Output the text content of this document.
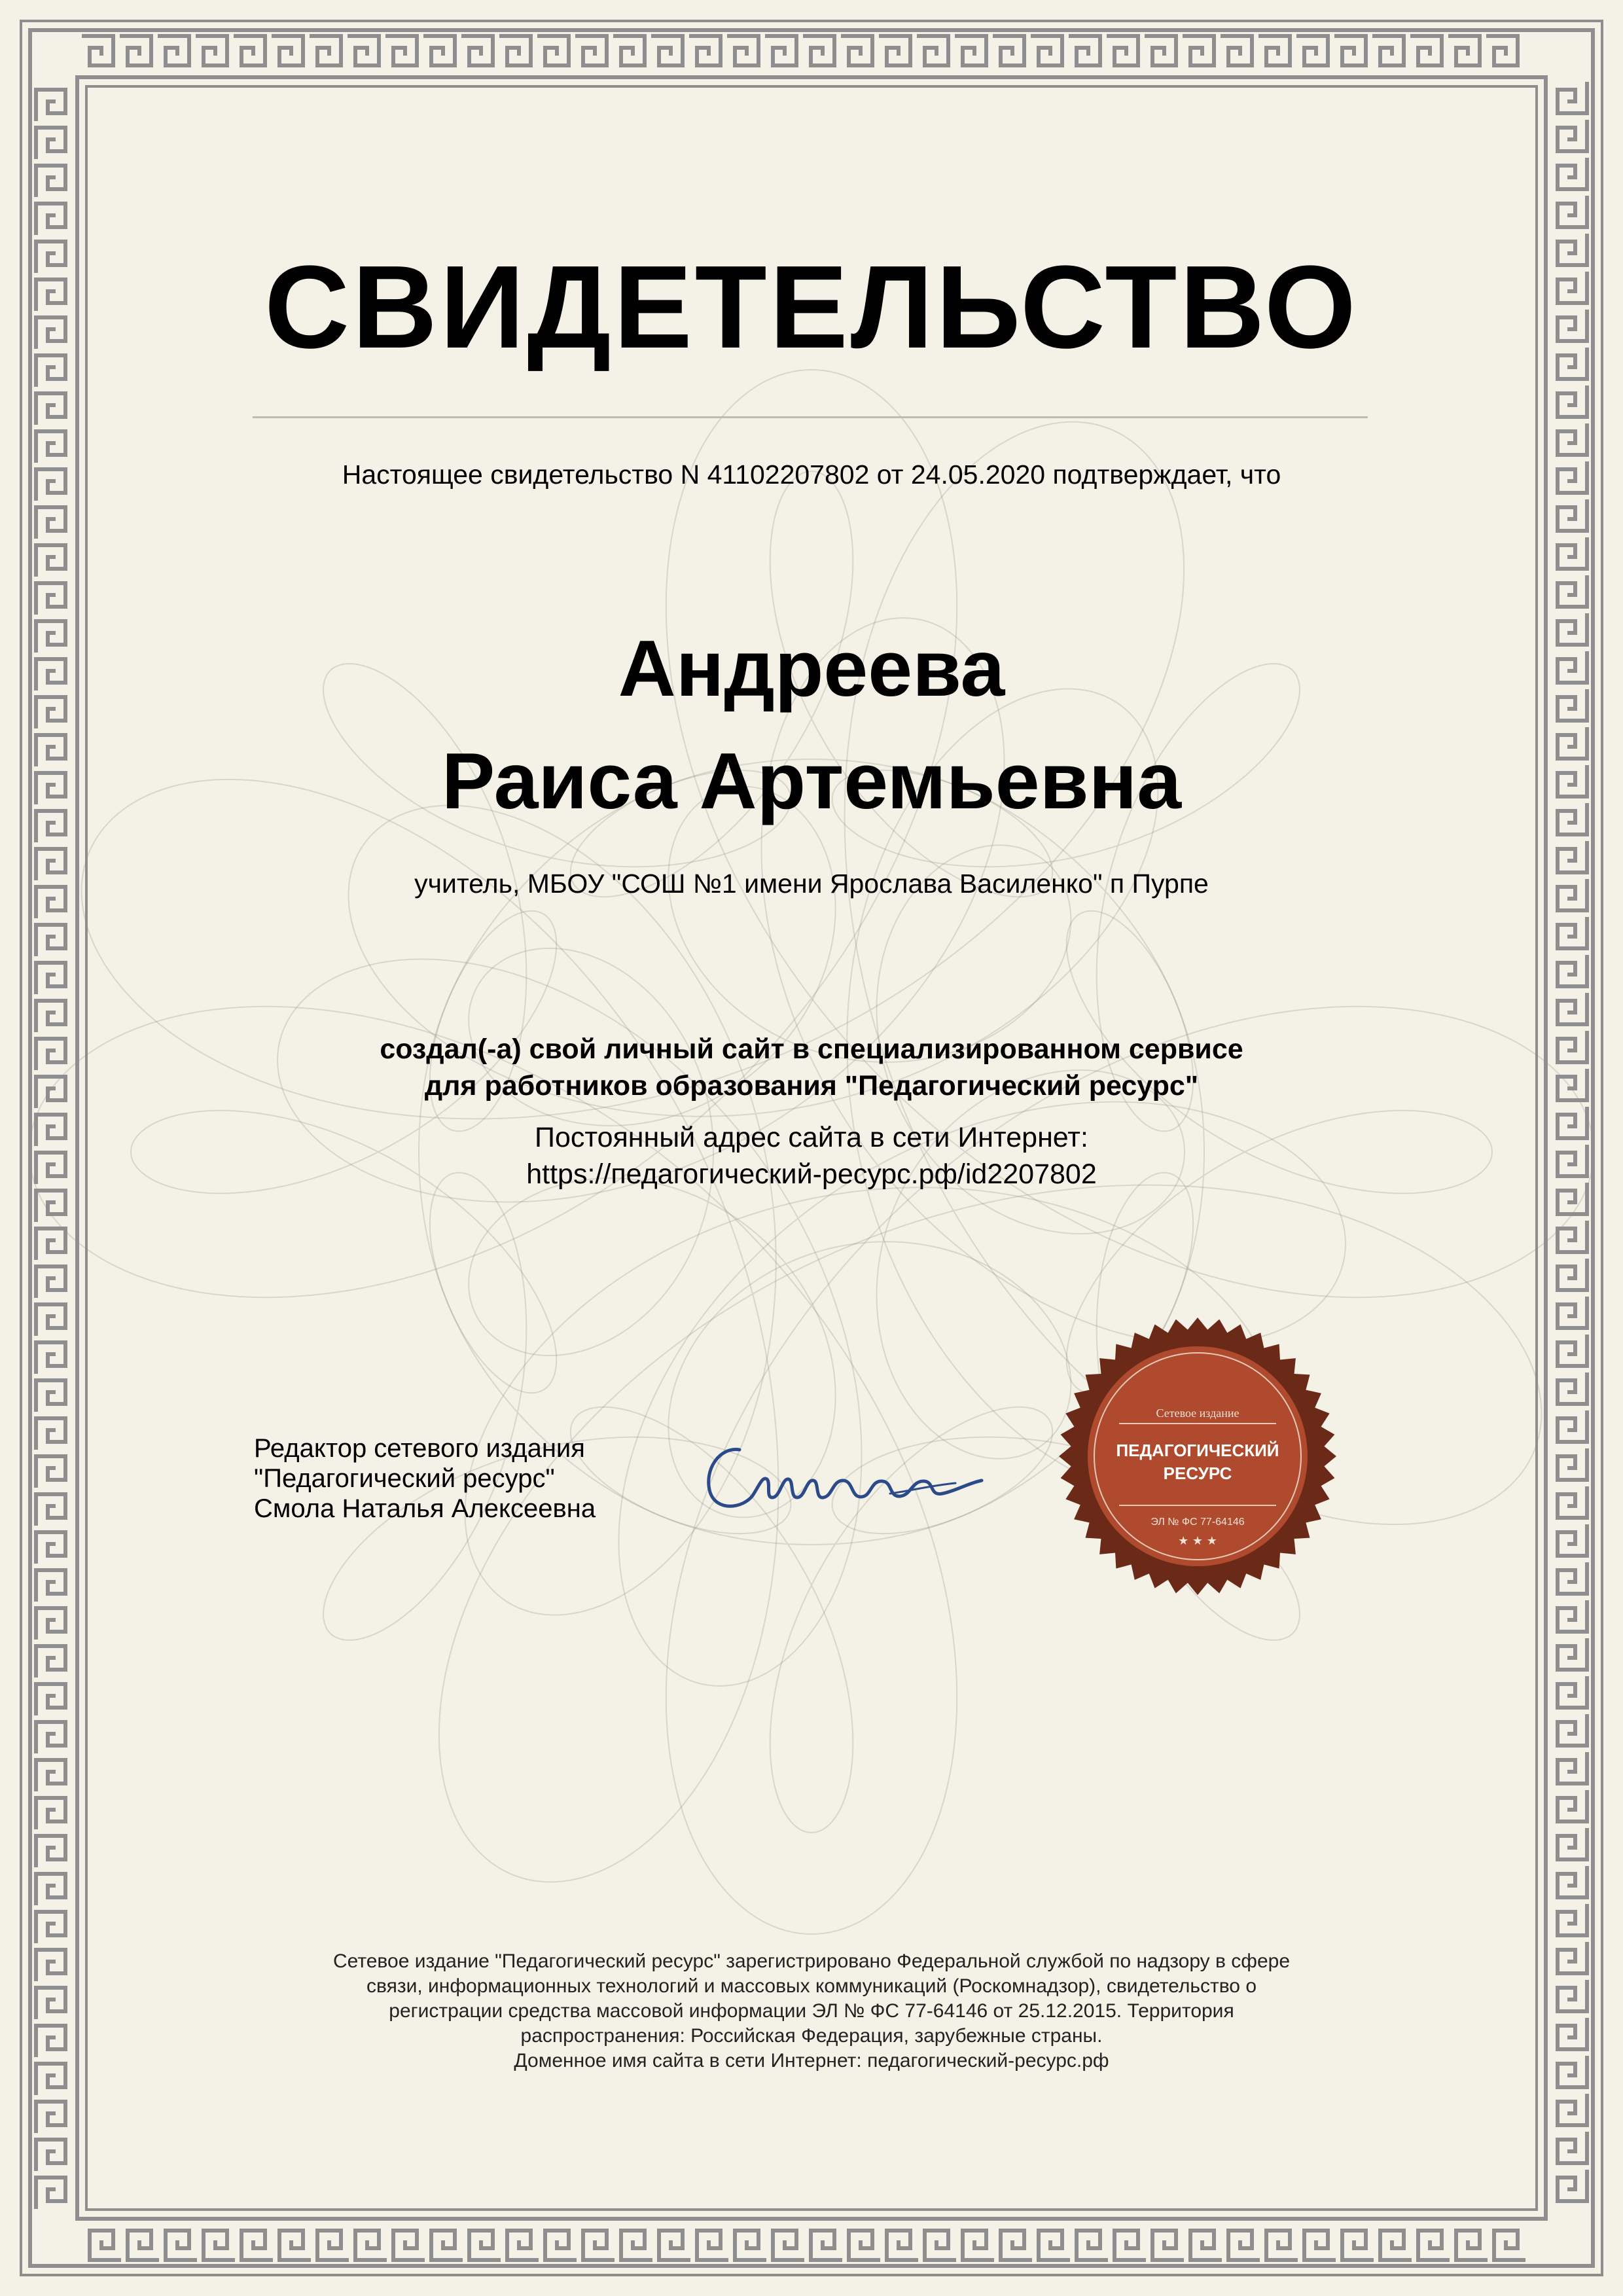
СВИДЕТЕЛЬСТВО
Настоящее свидетельство N 41102207802 от 24.05.2020 подтверждает, что
Андреева
Раиса Артемьевна
учитель, МБОУ "СОШ №1 имени Ярослава Василенко" п Пурпе
создал(-а) свой личный сайт в специализированном сервисе
для работников образования "Педагогический ресурс"
Постоянный адрес сайта в сети Интернет:
https://педагогический-ресурс.рф/id2207802
Редактор сетевого издания
"Педагогический ресурс"
Смола Наталья Алексеевна
Сетевое издание
ПЕДАГОГИЧЕСКИЙ
РЕСУРС
ЭЛ № ФС 77-64146
★ ★ ★
Сетевое издание "Педагогический ресурс" зарегистрировано Федеральной службой по надзору в сфере
связи, информационных технологий и массовых коммуникаций (Роскомнадзор), свидетельство о
регистрации средства массовой информации ЭЛ № ФС 77-64146 от 25.12.2015. Территория
распространения: Российская Федерация, зарубежные страны.
Доменное имя сайта в сети Интернет: педагогический-ресурс.рф
